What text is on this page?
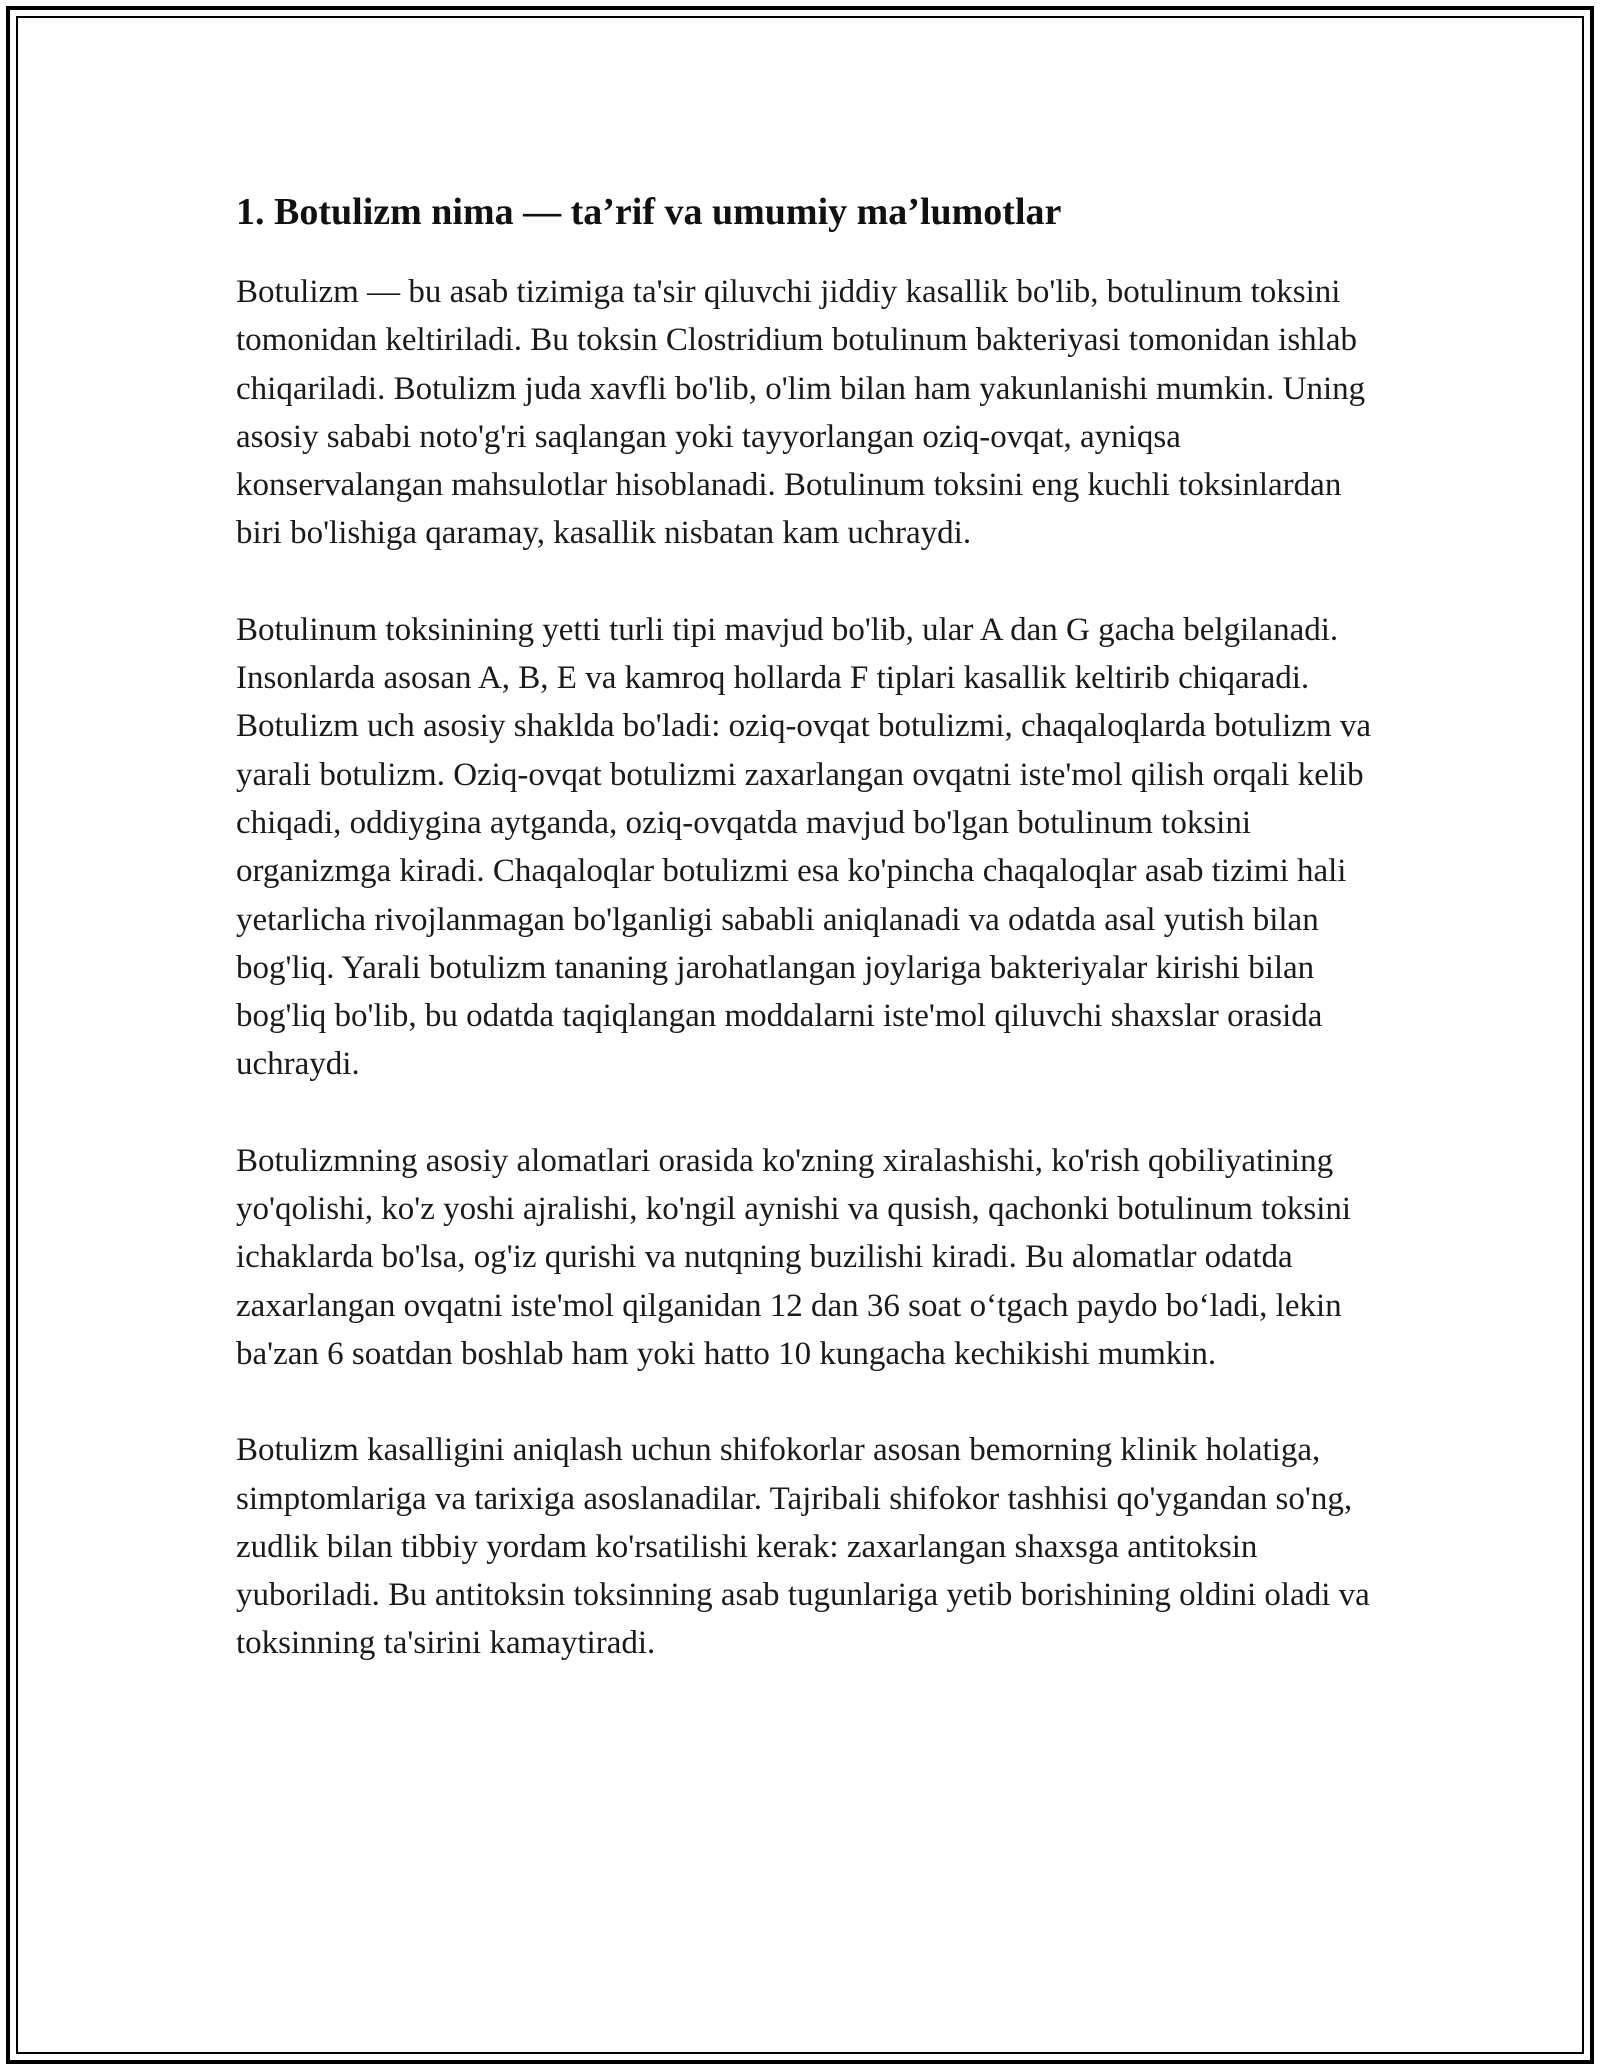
1. Botulizm nima — ta’rif va umumiy ma’lumotlar

Botulizm — bu asab tizimiga ta'sir qiluvchi jiddiy kasallik bo'lib, botulinum toksini tomonidan keltiriladi. Bu toksin Clostridium botulinum bakteriyasi tomonidan ishlab chiqariladi. Botulizm juda xavfli bo'lib, o'lim bilan ham yakunlanishi mumkin. Uning asosiy sababi noto'g'ri saqlangan yoki tayyorlangan oziq-ovqat, ayniqsa konservalangan mahsulotlar hisoblanadi. Botulinum toksini eng kuchli toksinlardan biri bo'lishiga qaramay, kasallik nisbatan kam uchraydi.

Botulinum toksinining yetti turli tipi mavjud bo'lib, ular A dan G gacha belgilanadi. Insonlarda asosan A, B, E va kamroq hollarda F tiplari kasallik keltirib chiqaradi. Botulizm uch asosiy shaklda bo'ladi: oziq-ovqat botulizmi, chaqaloqlarda botulizm va yarali botulizm. Oziq-ovqat botulizmi zaxarlangan ovqatni iste'mol qilish orqali kelib chiqadi, oddiygina aytganda, oziq-ovqatda mavjud bo'lgan botulinum toksini organizmga kiradi. Chaqaloqlar botulizmi esa ko'pincha chaqaloqlar asab tizimi hali yetarlicha rivojlanmagan bo'lganligi sababli aniqlanadi va odatda asal yutish bilan bog'liq. Yarali botulizm tananing jarohatlangan joylariga bakteriyalar kirishi bilan bog'liq bo'lib, bu odatda taqiqlangan moddalarni iste'mol qiluvchi shaxslar orasida uchraydi.

Botulizmning asosiy alomatlari orasida ko'zning xiralashishi, ko'rish qobiliyatining yo'qolishi, ko'z yoshi ajralishi, ko'ngil aynishi va qusish, qachonki botulinum toksini ichaklarda bo'lsa, og'iz qurishi va nutqning buzilishi kiradi. Bu alomatlar odatda zaxarlangan ovqatni iste'mol qilganidan 12 dan 36 soat o‘tgach paydo bo‘ladi, lekin ba'zan 6 soatdan boshlab ham yoki hatto 10 kungacha kechikishi mumkin.

Botulizm kasalligini aniqlash uchun shifokorlar asosan bemorning klinik holatiga, simptomlariga va tarixiga asoslanadilar. Tajribali shifokor tashhisi qo'ygandan so'ng, zudlik bilan tibbiy yordam ko'rsatilishi kerak: zaxarlangan shaxsga antitoksin yuboriladi. Bu antitoksin toksinning asab tugunlariga yetib borishining oldini oladi va toksinning ta'sirini kamaytiradi.
